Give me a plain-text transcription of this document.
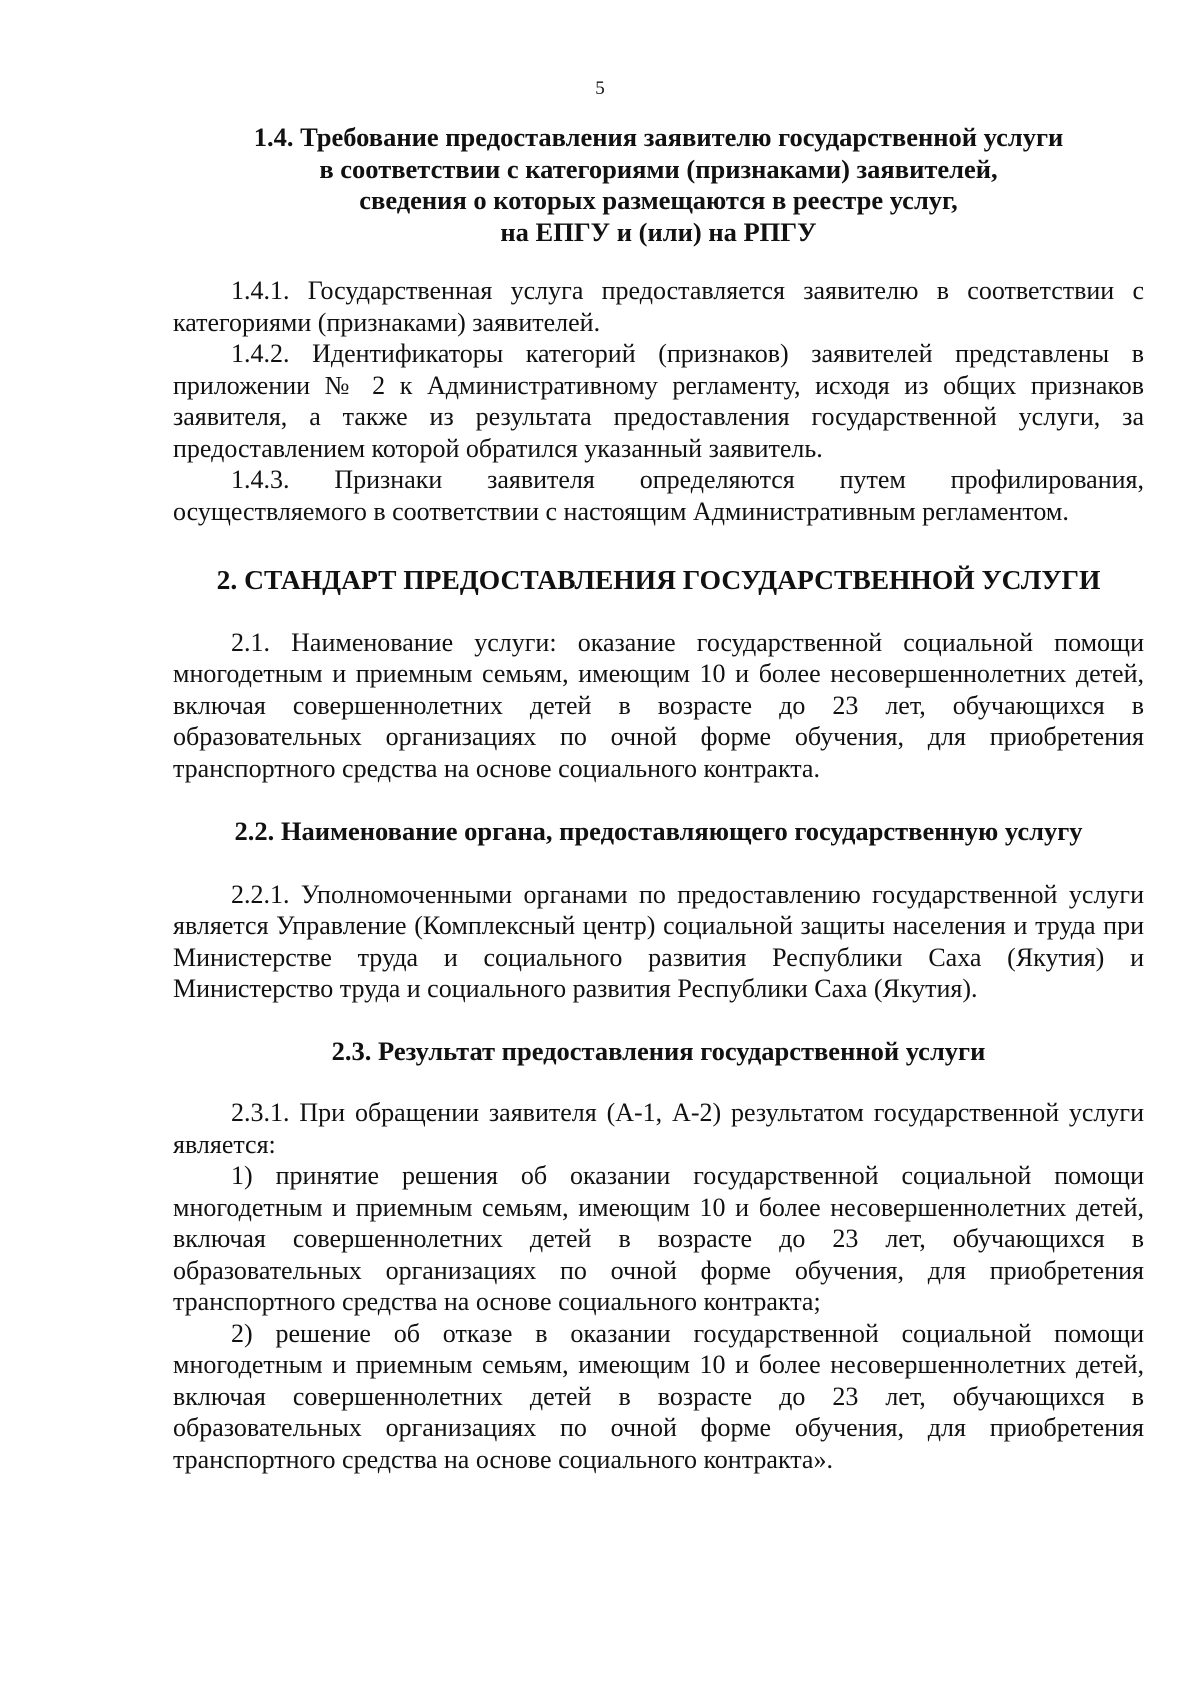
5
1.4. Требование предоставления заявителю государственной услуги
в соответствии с категориями (признаками) заявителей,
сведения о которых размещаются в реестре услуг,
на ЕПГУ и (или) на РПГУ

1.4.1. Государственная услуга предоставляется заявителю в соответствии с категориями (признаками) заявителей.

1.4.2. Идентификаторы категорий (признаков) заявителей представлены в приложении № 2 к Административному регламенту, исходя из общих признаков заявителя, а также из результата предоставления государственной услуги, за предоставлением которой обратился указанный заявитель.

1.4.3. Признаки заявителя определяются путем профилирования, осуществляемого в соответствии с настоящим Административным регламентом.

2. СТАНДАРТ ПРЕДОСТАВЛЕНИЯ ГОСУДАРСТВЕННОЙ УСЛУГИ

2.1. Наименование услуги: оказание государственной социальной помощи многодетным и приемным семьям, имеющим 10 и более несовершеннолетних детей, включая совершеннолетних детей в возрасте до 23 лет, обучающихся в образовательных организациях по очной форме обучения, для приобретения транспортного средства на основе социального контракта.

2.2. Наименование органа, предоставляющего государственную услугу

2.2.1. Уполномоченными органами по предоставлению государственной услуги является Управление (Комплексный центр) социальной защиты населения и труда при Министерстве труда и социального развития Республики Саха (Якутия) и Министерство труда и социального развития Республики Саха (Якутия).

2.3. Результат предоставления государственной услуги

2.3.1. При обращении заявителя (А-1, А-2) результатом государственной услуги является:

1) принятие решения об оказании государственной социальной помощи многодетным и приемным семьям, имеющим 10 и более несовершеннолетних детей, включая совершеннолетних детей в возрасте до 23 лет, обучающихся в образовательных организациях по очной форме обучения, для приобретения транспортного средства на основе социального контракта;

2) решение об отказе в оказании государственной социальной помощи многодетным и приемным семьям, имеющим 10 и более несовершеннолетних детей, включая совершеннолетних детей в возрасте до 23 лет, обучающихся в образовательных организациях по очной форме обучения, для приобретения транспортного средства на основе социального контракта».
